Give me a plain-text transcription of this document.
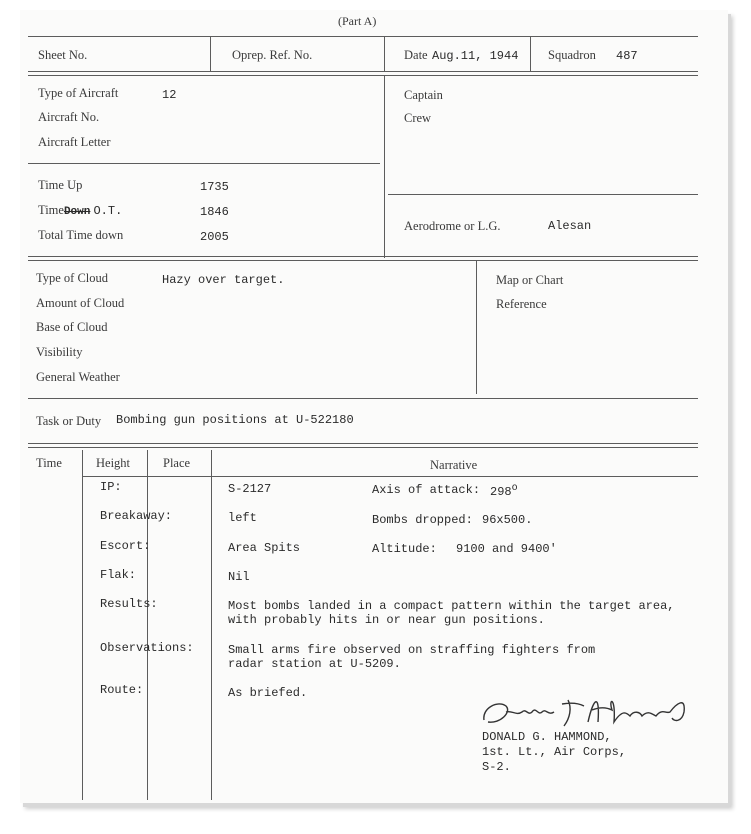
(Part A)
Sheet No.	Oprep. Ref. No.	Date Aug.11, 1944 Squadron 487
Type of Aircraft	12
Aircraft No.
Aircraft Letter
Captain
Crew
Time Up	1735
TimeDown O.T.	1846
Total Time down	2005
Aerodrome or L.G.	Alesan
Type of Cloud	Hazy over target.
Amount of Cloud
Base of Cloud
Visibility
General Weather
Map or Chart
Reference
Task or Duty Bombing gun positions at U-522180
Time	Height	Place	Narrative
IP:	S-2127	Axis of attack: 298$^o$
Breakaway:	left	Bombs dropped: 96x500.
Escort:	Area Spits	Altitude: 9100 and 9400'
Flak:	Nil
Results:	Most bombs landed in a compact pattern within the target area,
with probably hits in or near gun positions.
Observations:	Small arms fire observed on straffing fighters from
radar station at U-5209.
Route:	As briefed.
DONALD G. HAMMOND,
1st. Lt., Air Corps,
S-2.
